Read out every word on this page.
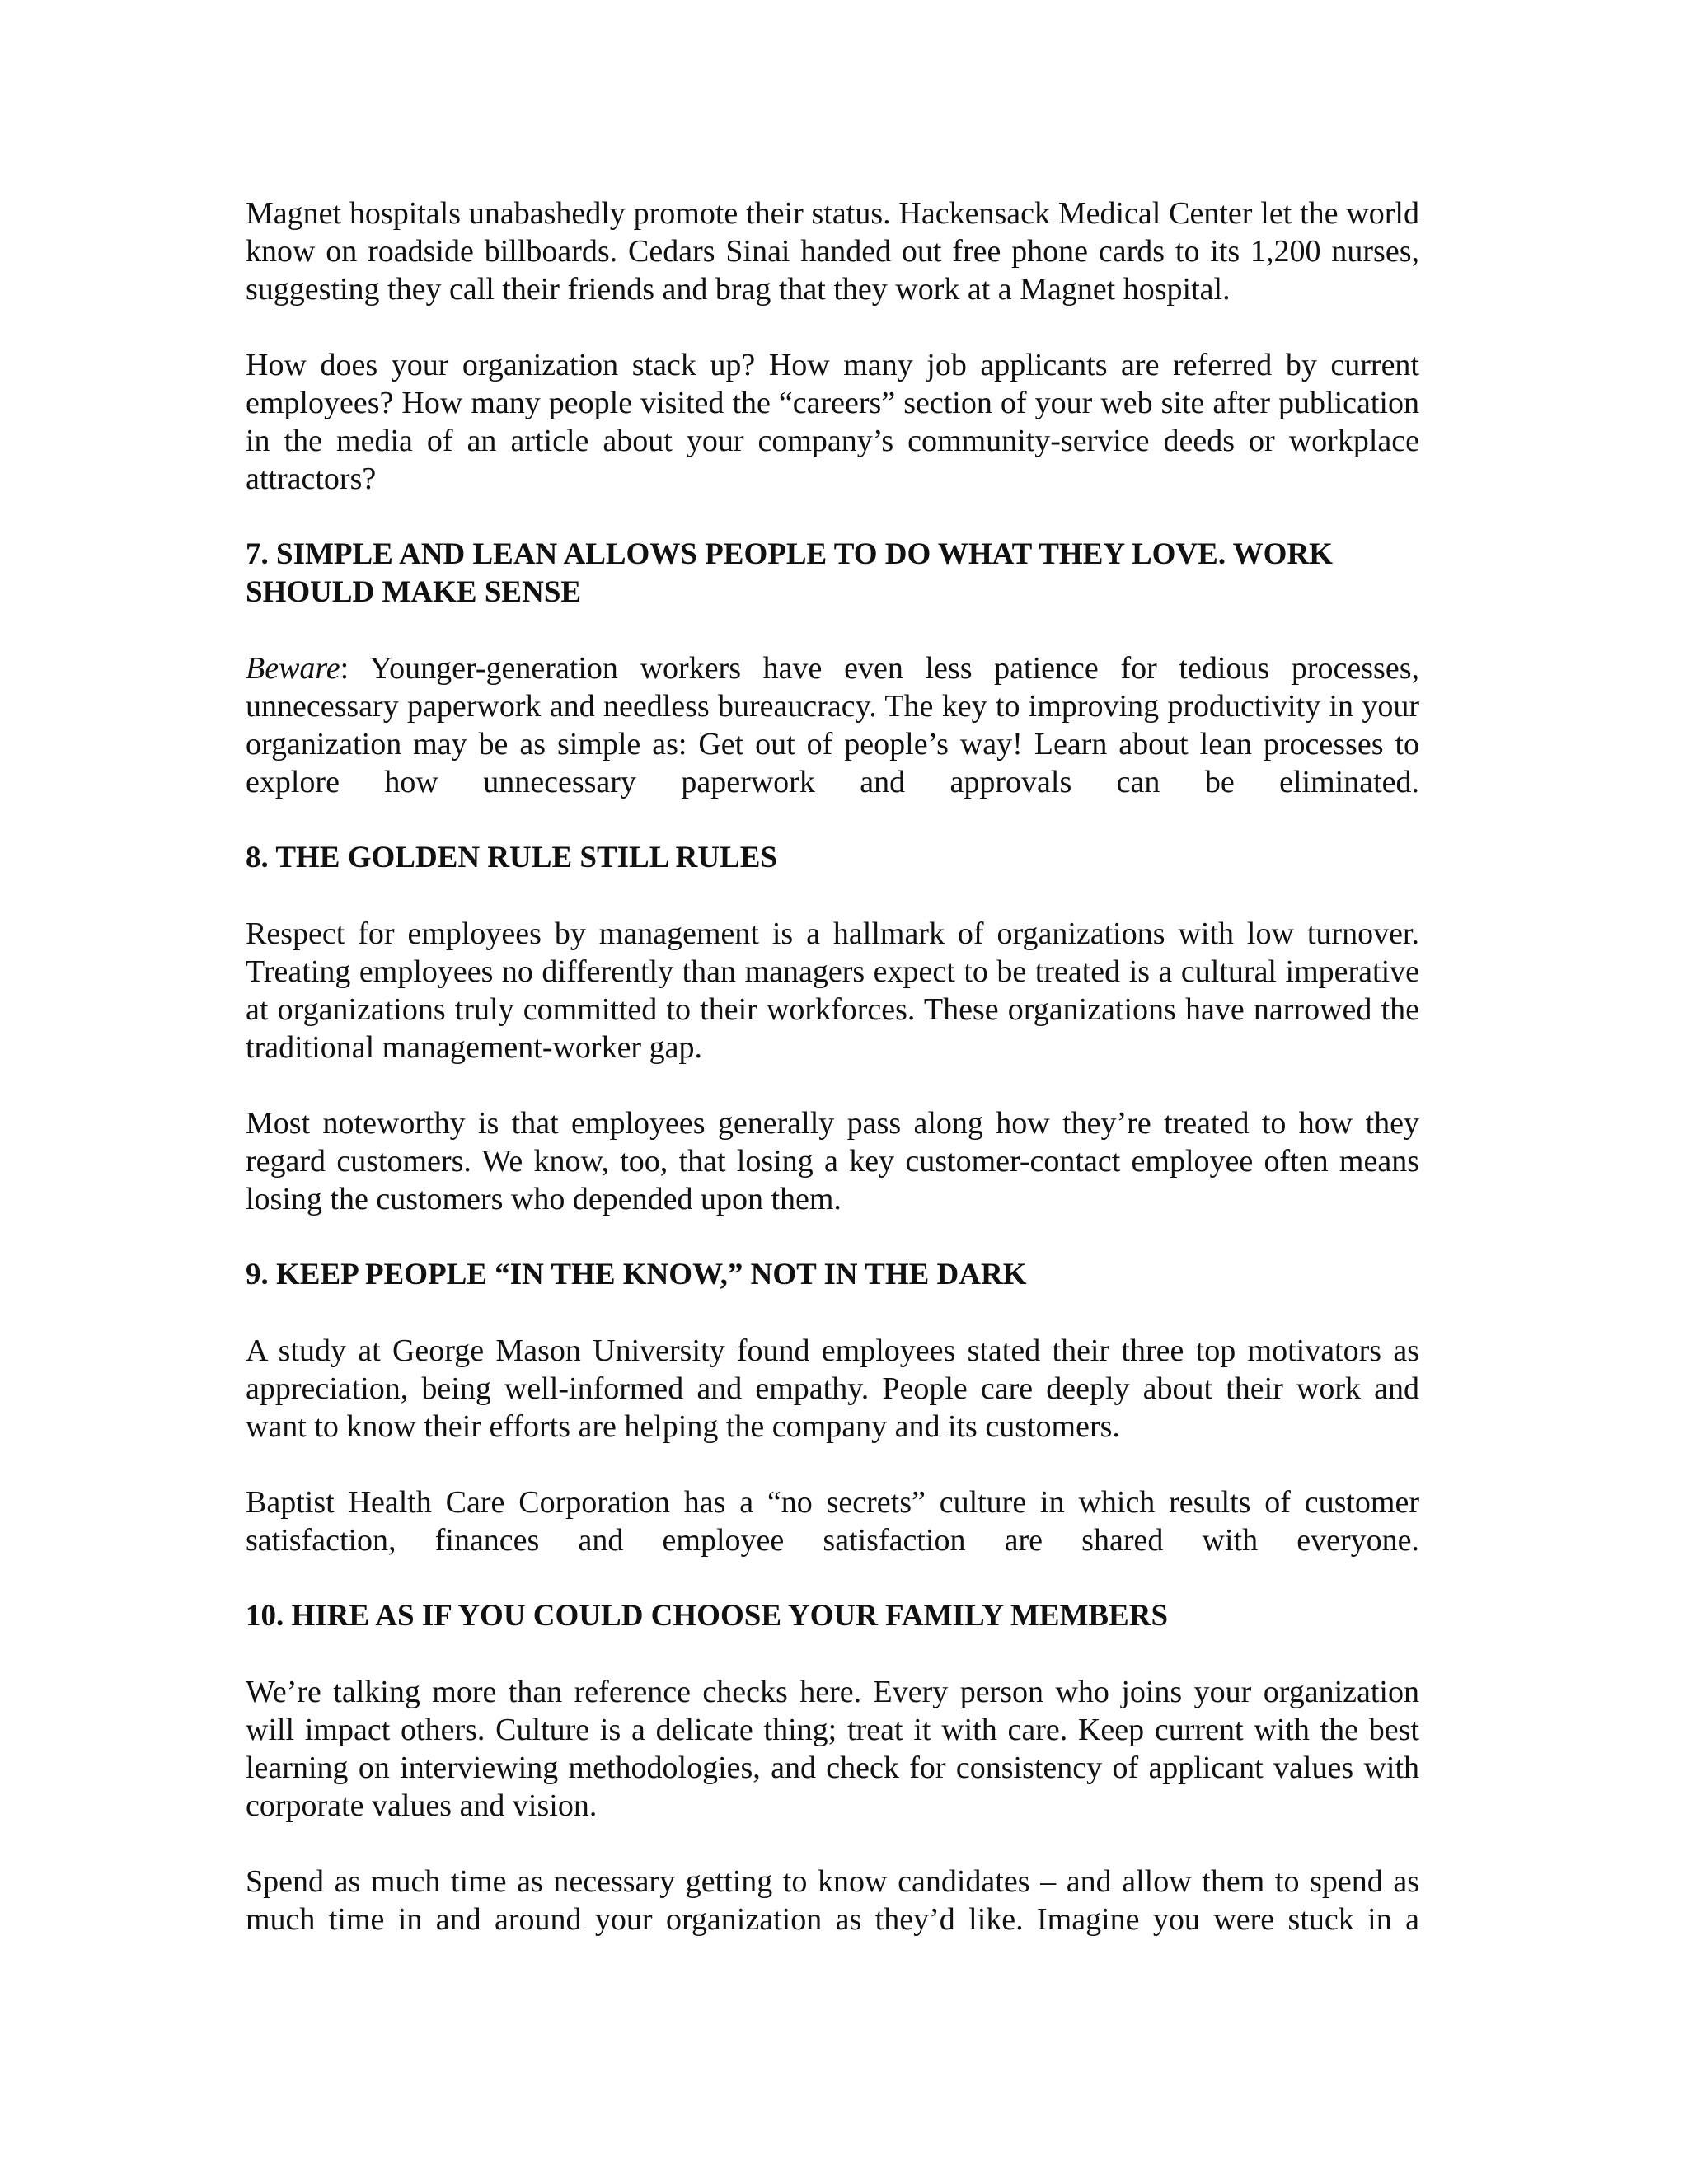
Magnet hospitals unabashedly promote their status. Hackensack Medical Center let the world know on roadside billboards. Cedars Sinai handed out free phone cards to its 1,200 nurses, suggesting they call their friends and brag that they work at a Magnet hospital.

How does your organization stack up? How many job applicants are referred by current employees? How many people visited the “careers” section of your web site after publication in the media of an article about your company’s community-service deeds or workplace attractors?

7. SIMPLE AND LEAN ALLOWS PEOPLE TO DO WHAT THEY LOVE. WORK SHOULD MAKE SENSE

Beware: Younger-generation workers have even less patience for tedious processes, unnecessary paperwork and needless bureaucracy. The key to improving productivity in your organization may be as simple as: Get out of people’s way! Learn about lean processes to explore how unnecessary paperwork and approvals can be eliminated.

8. THE GOLDEN RULE STILL RULES

Respect for employees by management is a hallmark of organizations with low turnover. Treating employees no differently than managers expect to be treated is a cultural imperative at organizations truly committed to their workforces. These organizations have narrowed the traditional management-worker gap.

Most noteworthy is that employees generally pass along how they’re treated to how they regard customers. We know, too, that losing a key customer-contact employee often means losing the customers who depended upon them.

9. KEEP PEOPLE “IN THE KNOW,” NOT IN THE DARK

A study at George Mason University found employees stated their three top motivators as appreciation, being well-informed and empathy. People care deeply about their work and want to know their efforts are helping the company and its customers.

Baptist Health Care Corporation has a “no secrets” culture in which results of customer satisfaction, finances and employee satisfaction are shared with everyone.

10. HIRE AS IF YOU COULD CHOOSE YOUR FAMILY MEMBERS

We’re talking more than reference checks here. Every person who joins your organization will impact others. Culture is a delicate thing; treat it with care. Keep current with the best learning on interviewing methodologies, and check for consistency of applicant values with corporate values and vision.

Spend as much time as necessary getting to know candidates – and allow them to spend as much time in and around your organization as they’d like. Imagine you were stuck in a
